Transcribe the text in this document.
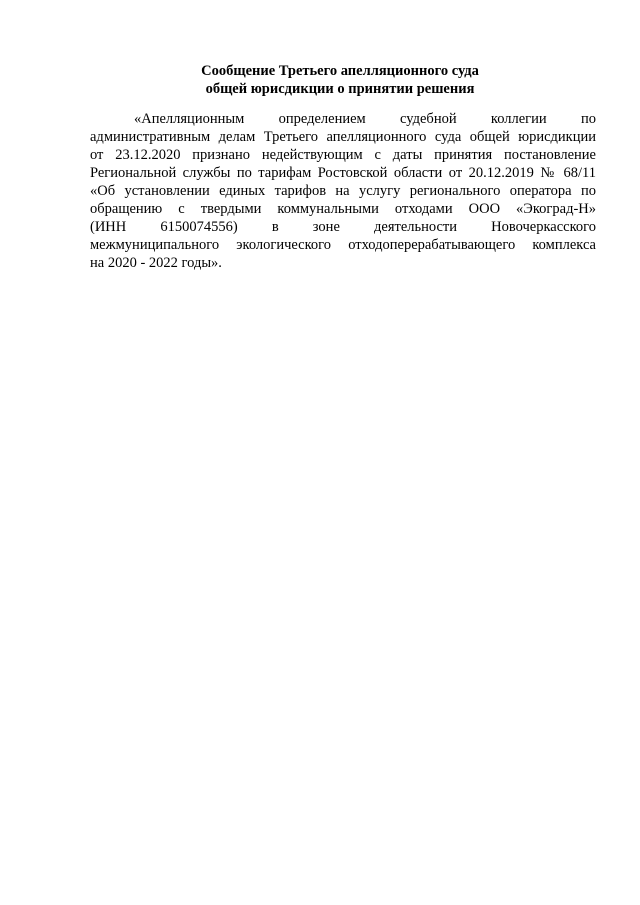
Сообщение Третьего апелляционного суда
общей юрисдикции о принятии решения
«Апелляционным определением судебной коллегии по
административным делам Третьего апелляционного суда общей юрисдикции
от 23.12.2020 признано недействующим с даты принятия постановление
Региональной службы по тарифам Ростовской области от 20.12.2019 № 68/11
«Об установлении единых тарифов на услугу регионального оператора по
обращению с твердыми коммунальными отходами ООО «Экоград-Н»
(ИНН 6150074556) в зоне деятельности Новочеркасского
межмуниципального экологического отходоперерабатывающего комплекса
на 2020 - 2022 годы».
